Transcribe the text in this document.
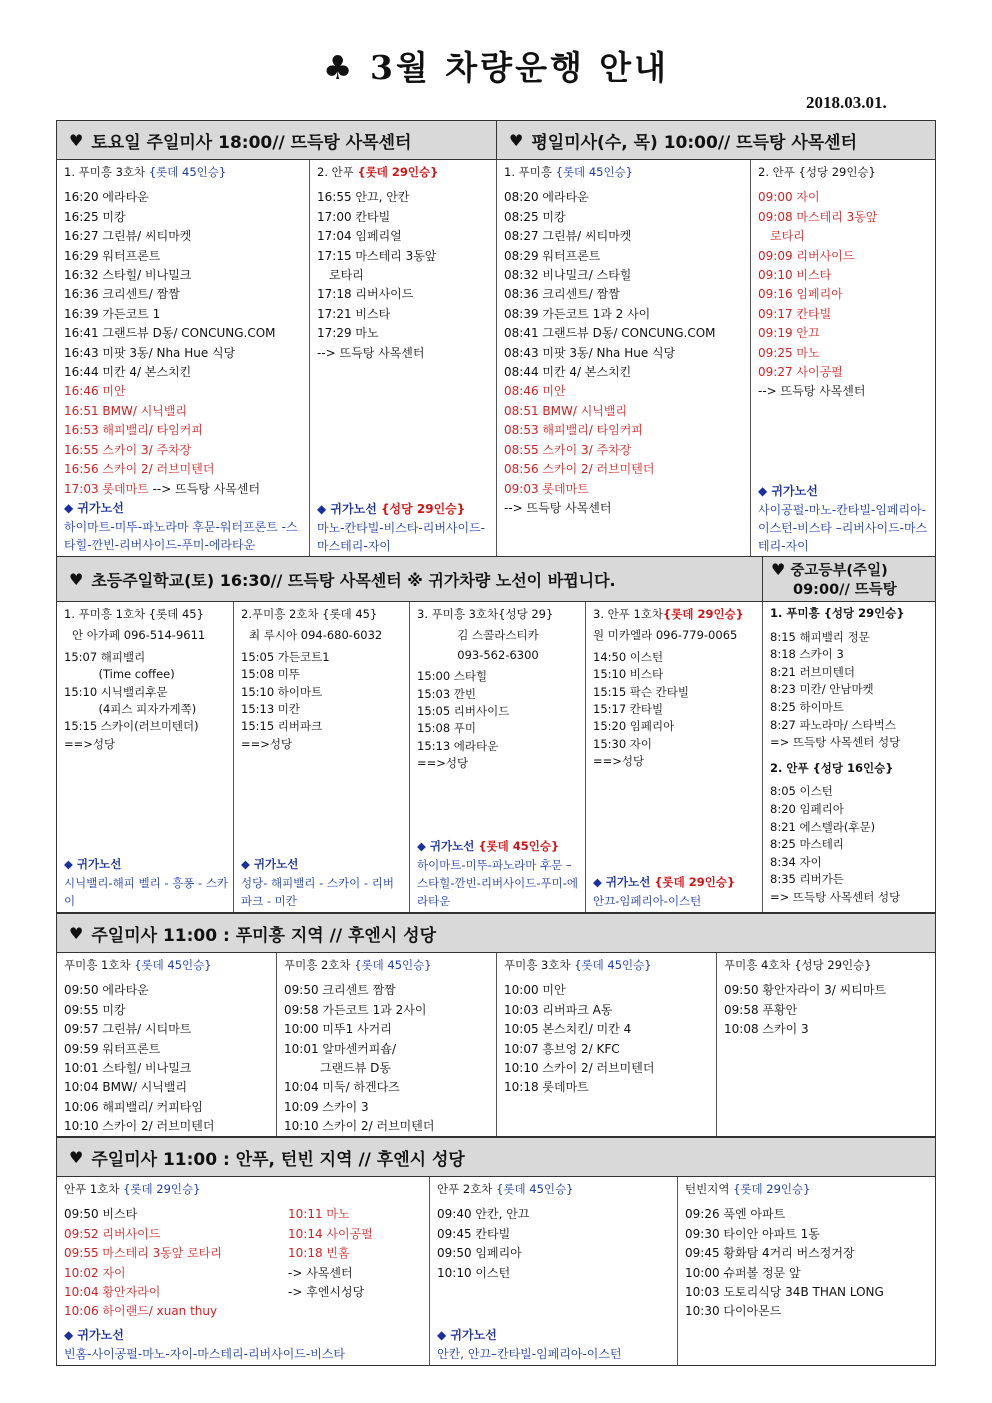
♣ 3월 차량운행 안내
2018.03.01.
♥ 토요일 주일미사 18:00// 뜨득탕 사목센터	♥ 평일미사(수, 목) 10:00// 뜨득탕 사목센터
1. 푸미흥 3호차 {롯데 45인승}
16:20 에라타운
16:25 미캉
16:27 그린뷰/ 씨티마켓
16:29 워터프론트
16:32 스타힐/ 비나밀크
16:36 크리센트/ 짬짬
16:39 가든코트 1
16:41 그랜드뷰 D동/ CONCUNG.COM
16:43 미팟 3동/ Nha Hue 식당
16:44 미칸 4/ 본스치킨
16:46 미안
16:51 BMW/ 시닉밸리
16:53 해피밸리/ 타임커피
16:55 스카이 3/ 주차장
16:56 스카이 2/ 러브미텐더
17:03 롯데마트 --> 뜨득탕 사목센터
◆ 귀가노선
하이마트-미뚜-파노라마 후문-워터프론트 -스타힐-깐빈-리버사이드-푸미-에라타운
2. 안푸 {롯데 29인승}
16:55 안끄, 안칸
17:00 칸타빌
17:04 임페리얼
17:15 마스테리 3동앞
　로타리
17:18 리버사이드
17:21 비스타
17:29 마노
--> 뜨득탕 사목센터
◆ 귀가노선 {성당 29인승}
마노-칸타빌-비스타-리버사이드-마스테리-자이
1. 푸미흥 {롯데 45인승}
08:20 에라타운
08:25 미캉
08:27 그린뷰/ 씨티마켓
08:29 워터프론트
08:32 비나밀크/ 스타힐
08:36 크리센트/ 짬짬
08:39 가든코트 1과 2 사이
08:41 그랜드뷰 D동/ CONCUNG.COM
08:43 미팟 3동/ Nha Hue 식당
08:44 미칸 4/ 본스치킨
08:46 미안
08:51 BMW/ 시닉밸리
08:53 해피밸리/ 타임커피
08:55 스카이 3/ 주차장
08:56 스카이 2/ 러브미텐더
09:03 롯데마트
--> 뜨득탕 사목센터
2. 안푸 {성당 29인승}
09:00 자이
09:08 마스테리 3동앞
　로타리
09:09 리버사이드
09:10 비스타
09:16 임페리아
09:17 칸타빌
09:19 안끄
09:25 마노
09:27 사이공펄
--> 뜨득탕 사목센터
◆ 귀가노선
사이공펄-마노-칸타빌-임페리아-이스턴-비스타 –리버사이드-마스테리-자이
♥ 초등주일학교(토) 16:30// 뜨득탕 사목센터 ※ 귀가차량 노선이 바뀝니다.
♥ 중고등부(주일)
09:00// 뜨득탕
1. 푸미흥 1호차 {롯데 45}
안 아가페 096-514-9611
15:07 해피밸리
　　　(Time coffee)
15:10 시닉밸리후문
　　　(4피스 피자가게쪽)
15:15 스카이(러브미텐더)
==>성당
◆ 귀가노선
시닉밸리-해피 벨리 - 흥퐁 - 스카이
2.푸미흥 2호차 {롯데 45}
최 루시아 094-680-6032
15:05 가든코트1
15:08 미뚜
15:10 하이마트
15:13 미칸
15:15 리버파크
==>성당
◆ 귀가노선
성당- 해피밸리 - 스카이 - 리버파크 - 미칸
3. 푸미흥 3호차{성당 29}
김 스콜라스티카
093-562-6300
15:00 스타힐
15:03 깐빈
15:05 리버사이드
15:08 푸미
15:13 에라타운
==>성당
◆ 귀가노선 {롯데 45인승}
하이마트-미뚜-파노라마 후문 –스타힐-깐빈-리버사이드-푸미-에라타운
3. 안푸 1호차{롯데 29인승}
원 미카엘라 096-779-0065
14:50 이스턴
15:10 비스타
15:15 팍슨 칸타빌
15:17 칸타빌
15:20 임페리아
15:30 자이
==>성당
◆ 귀가노선 {롯데 29인승}
안끄-임페리아-이스턴
1. 푸미흥 {성당 29인승}
8:15 해피밸리 정문
8:18 스카이 3
8:21 러브미텐더
8:23 미칸/ 안남마켓
8:25 하이마트
8:27 파노라마/ 스타벅스
=> 뜨득탕 사목센터 성당
2. 안푸 {성당 16인승}
8:05 이스턴
8:20 임페리아
8:21 에스텔라(후문)
8:25 마스테리
8:34 자이
8:35 리버가든
=> 뜨득탕 사목센터 성당
♥ 주일미사 11:00 : 푸미흥 지역 // 후엔시 성당
푸미흥 1호차 {롯데 45인승}
09:50 에라타운
09:55 미캉
09:57 그린뷰/ 시티마트
09:59 워터프론트
10:01 스타힐/ 비나밀크
10:04 BMW/ 시닉밸리
10:06 해피밸리/ 커피타임
10:10 스카이 2/ 러브미텐더
푸미흥 2호차 {롯데 45인승}
09:50 크리센트 짬짬
09:58 가든코트 1과 2사이
10:00 미뚜1 사거리
10:01 알마센커피숍/
　　　그랜드뷰 D동
10:04 미둑/ 하겐다즈
10:09 스카이 3
10:10 스카이 2/ 러브미텐더
푸미흥 3호차 {롯데 45인승}
10:00 미안
10:03 리버파크 A동
10:05 본스치킨/ 미칸 4
10:07 흥브엉 2/ KFC
10:10 스카이 2/ 러브미텐더
10:18 롯데마트
푸미흥 4호차 {성당 29인승}
09:50 황안자라이 3/ 씨티마트
09:58 푸황안
10:08 스카이 3
♥ 주일미사 11:00 : 안푸, 턴빈 지역 // 후엔시 성당
안푸 1호차 {롯데 29인승}
09:50 비스타
09:52 리버사이드
09:55 마스테리 3동앞 로타리
10:02 자이
10:04 황안자라이
10:06 하이랜드/ xuan thuy
10:11 마노
10:14 사이공펄
10:18 빈홈
-> 사목센터
-> 후엔시성당
◆ 귀가노선
빈홈-사이공펄-마노-자이-마스테리-리버사이드-비스타
안푸 2호차 {롯데 45인승}
09:40 안칸, 안끄
09:45 칸타빌
09:50 임페리아
10:10 이스턴
◆ 귀가노선
안칸, 안끄–칸타빌-임페리아-이스턴
턴빈지역 {롯데 29인승}
09:26 푹엔 아파트
09:30 타이안 아파트 1동
09:45 황화탐 4거리 버스정거장
10:00 슈퍼볼 정문 앞
10:03 도토리식당 34B THAN LONG
10:30 다이아몬드
